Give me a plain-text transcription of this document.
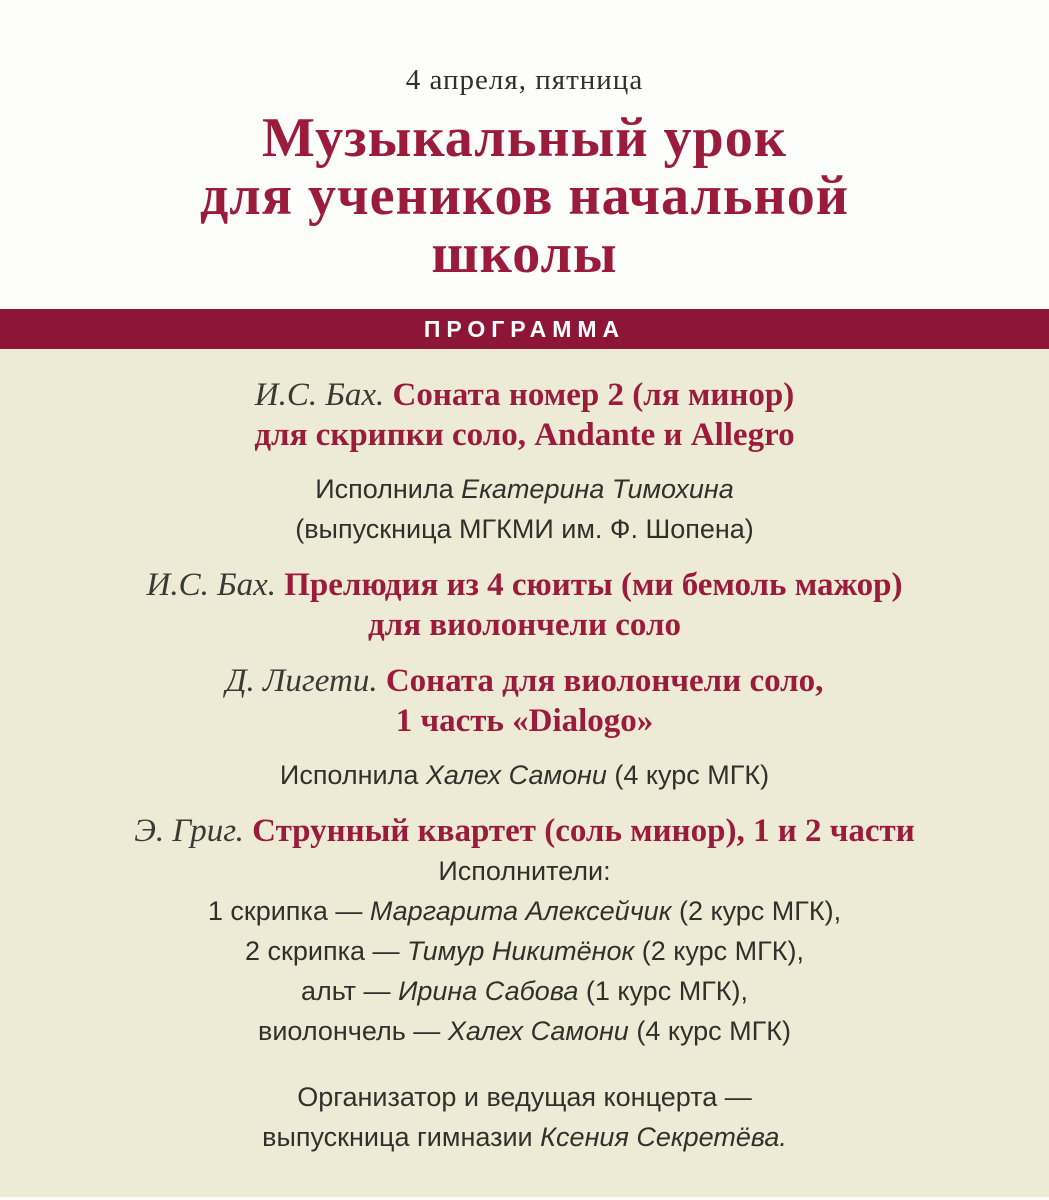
4 апреля, пятница
Музыкальный урок
для учеников начальной
школы
ПРОГРАММА
И.С. Бах. Соната номер 2 (ля минор)
для скрипки соло, Andante и Allegro
Исполнила Екатерина Тимохина
(выпускница МГКМИ им. Ф. Шопена)
И.С. Бах. Прелюдия из 4 сюиты (ми бемоль мажор)
для виолончели соло
Д. Лигети. Соната для виолончели соло,
1 часть «Dialogo»
Исполнила Халех Самони (4 курс МГК)
Э. Григ. Струнный квартет (соль минор), 1 и 2 части
Исполнители:
1 скрипка — Маргарита Алексейчик (2 курс МГК),
2 скрипка — Тимур Никитёнок (2 курс МГК),
альт — Ирина Сабова (1 курс МГК),
виолончель — Халех Самони (4 курс МГК)
Организатор и ведущая концерта —
выпускница гимназии Ксения Секретёва.
